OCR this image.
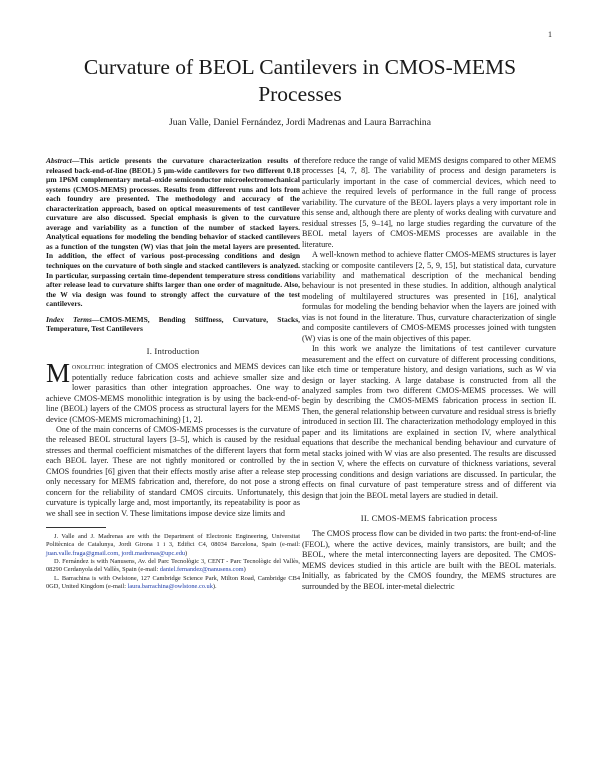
1
Curvature of BEOL Cantilevers in CMOS-MEMS Processes
Juan Valle, Daniel Fernández, Jordi Madrenas and Laura Barrachina

Abstract—This article presents the curvature characterization results of released back-end-of-line (BEOL) 5 µm-wide cantilevers for two different 0.18 µm 1P6M complementary metal–oxide semiconductor microelectromechanical systems (CMOS-MEMS) processes. Results from different runs and lots from each foundry are presented. The methodology and accuracy of the characterization approach, based on optical measurements of test cantilever curvature are also discussed. Special emphasis is given to the curvature average and variability as a function of the number of stacked layers. Analytical equations for modeling the bending behavior of stacked cantilevers as a function of the tungsten (W) vias that join the metal layers are presented. In addition, the effect of various post-processing conditions and design techniques on the curvature of both single and stacked cantilevers is analyzed. In particular, surpassing certain time-dependent temperature stress conditions after release lead to curvature shifts larger than one order of magnitude. Also, the W via design was found to strongly affect the curvature of the test cantilevers.

Index Terms—CMOS-MEMS, Bending Stiffness, Curvature, Stacks, Temperature, Test Cantilevers

I. Introduction

Monolithic integration of CMOS electronics and MEMS devices can potentially reduce fabrication costs and achieve smaller size and lower parasitics than other integration approaches. One way to achieve CMOS-MEMS monolithic integration is by using the back-end-of-line (BEOL) layers of the CMOS process as structural layers for the MEMS device (CMOS-MEMS micromachining) [1, 2].

One of the main concerns of CMOS-MEMS processes is the curvature of the released BEOL structural layers [3–5], which is caused by the residual stresses and thermal coefficient mismatches of the different layers that form each BEOL layer. These are not tightly monitored or controlled by the CMOS foundries [6] given that their effects mostly arise after a release step only necessary for MEMS fabrication and, therefore, do not pose a strong concern for the reliability of standard CMOS circuits. Unfortunately, this curvature is typically large and, most importantly, its repeatability is poor as we shall see in section V. These limitations impose device size limits and

J. Valle and J. Madrenas are with the Department of Electronic Engineering, Universitat Politècnica de Catalunya, Jordi Girona 1 i 3, Edifici C4, 08034 Barcelona, Spain (e-mail: juan.valle.fraga@gmail.com, jordi.madrenas@upc.edu)

D. Fernández is with Nanusens, Av. del Parc Tecnològic 3, CENT - Parc Tecnològic del Vallès, 08290 Cerdanyola del Vallès, Spain (e-mail: daniel.fernandez@nanusens.com)

L. Barrachina is with Owlstone, 127 Cambridge Science Park, Milton Road, Cambridge CB4 0GD, United Kingdom (e-mail: laura.barrachina@owlstone.co.uk).

therefore reduce the range of valid MEMS designs compared to other MEMS processes [4, 7, 8]. The variability of process and design parameters is particularly important in the case of commercial devices, which need to achieve the required levels of performance in the full range of process variability. The curvature of the BEOL layers plays a very important role in this sense and, although there are plenty of works dealing with curvature and residual stresses [5, 9–14], no large studies regarding the curvature of the BEOL metal layers of CMOS-MEMS processes are available in the literature.

A well-known method to achieve flatter CMOS-MEMS structures is layer stacking or composite cantilevers [2, 5, 9, 15], but statistical data, curvature variability and mathematical description of the mechanical bending behaviour is not presented in these studies. In addition, although analytical modeling of multilayered structures was presented in [16], analytical formulas for modeling the bending behavior when the layers are joined with vias is not found in the literature. Thus, curvature characterization of single and composite cantilevers of CMOS-MEMS processes joined with tungsten (W) vias is one of the main objectives of this paper.

In this work we analyze the limitations of test cantilever curvature measurement and the effect on curvature of different processing conditions, like etch time or temperature history, and design variations, such as W via design or layer stacking. A large database is constructed from all the analyzed samples from two different CMOS-MEMS processes. We will begin by describing the CMOS-MEMS fabrication process in section II. Then, the general relationship between curvature and residual stress is briefly introduced in section III. The characterization methodology employed in this paper and its limitations are explained in section IV, where analythical equations that describe the mechanical bending behaviour and curvature of metal stacks joined with W vias are also presented. The results are discussed in section V, where the effects on curvature of thickness variations, several processing conditions and design variations are discussed. In particular, the effects on final curvature of past temperature stress and of different via design that join the BEOL metal layers are studied in detail.

II. CMOS-MEMS fabrication process

The CMOS process flow can be divided in two parts: the front-end-of-line (FEOL), where the active devices, mainly transistors, are built; and the BEOL, where the metal interconnecting layers are deposited. The CMOS-MEMS devices studied in this article are built with the BEOL materials. Initially, as fabricated by the CMOS foundry, the MEMS structures are surrounded by the BEOL inter-metal dielectric
